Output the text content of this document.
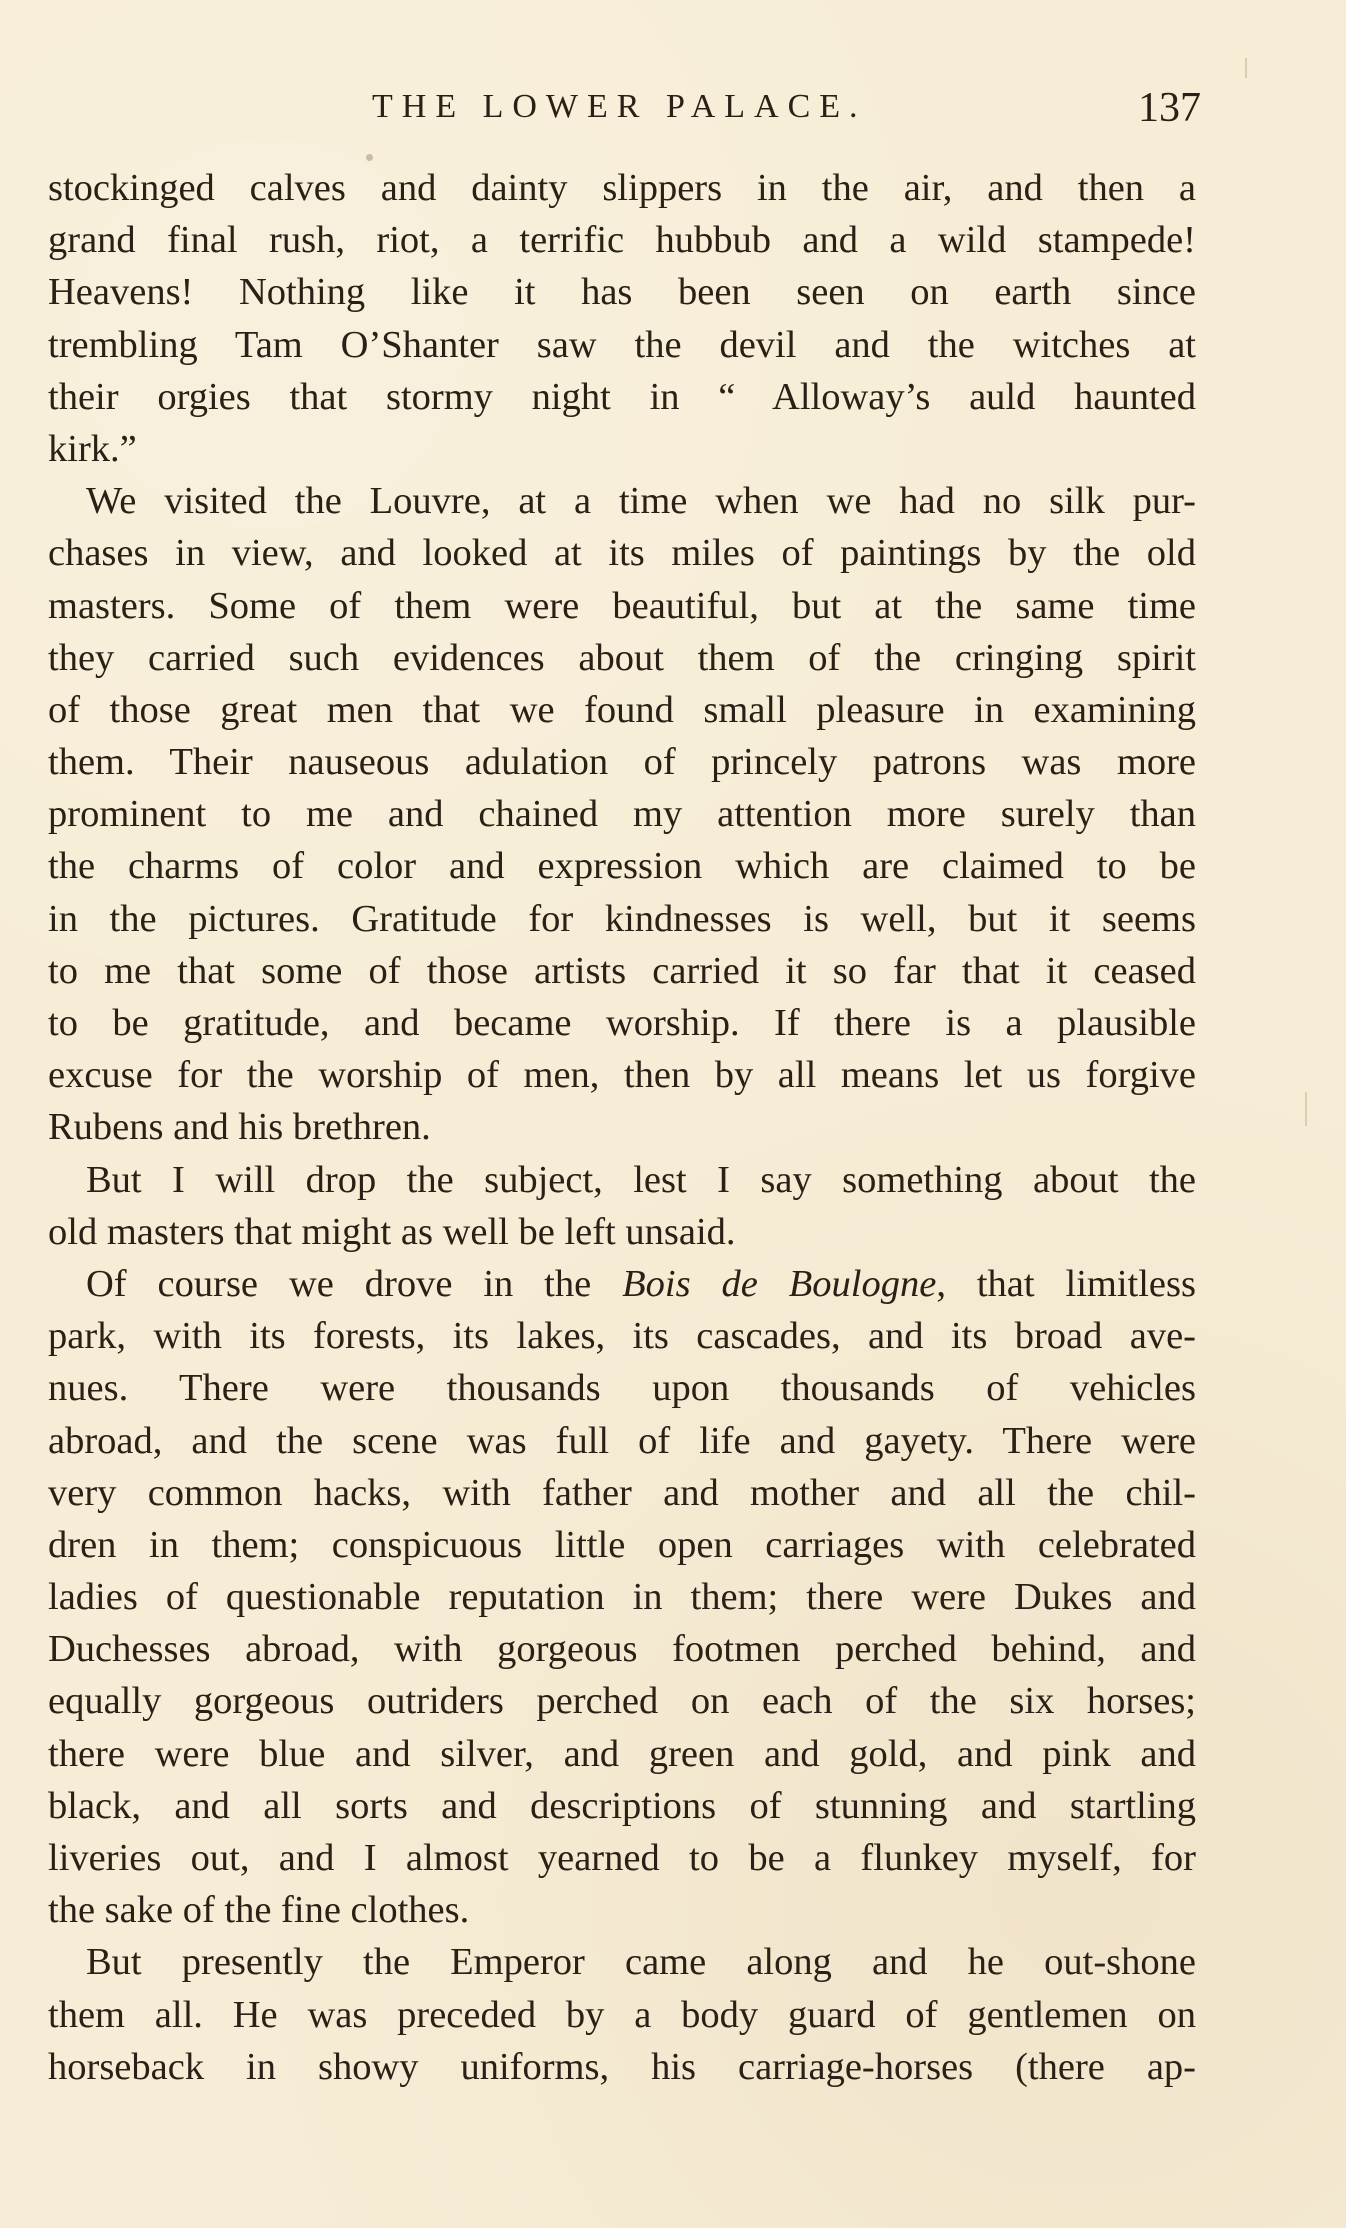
THE LOWER PALACE.	137
stockinged calves and dainty slippers in the air, and then a
grand final rush, riot, a terrific hubbub and a wild stampede!
Heavens! Nothing like it has been seen on earth since
trembling Tam O’Shanter saw the devil and the witches at
their orgies that stormy night in “ Alloway’s auld haunted
kirk.”
We visited the Louvre, at a time when we had no silk pur-
chases in view, and looked at its miles of paintings by the old
masters. Some of them were beautiful, but at the same time
they carried such evidences about them of the cringing spirit
of those great men that we found small pleasure in examining
them. Their nauseous adulation of princely patrons was more
prominent to me and chained my attention more surely than
the charms of color and expression which are claimed to be
in the pictures. Gratitude for kindnesses is well, but it seems
to me that some of those artists carried it so far that it ceased
to be gratitude, and became worship. If there is a plausible
excuse for the worship of men, then by all means let us forgive
Rubens and his brethren.
But I will drop the subject, lest I say something about the
old masters that might as well be left unsaid.
Of course we drove in the Bois de Boulogne, that limitless
park, with its forests, its lakes, its cascades, and its broad ave-
nues. There were thousands upon thousands of vehicles
abroad, and the scene was full of life and gayety. There were
very common hacks, with father and mother and all the chil-
dren in them; conspicuous little open carriages with celebrated
ladies of questionable reputation in them; there were Dukes and
Duchesses abroad, with gorgeous footmen perched behind, and
equally gorgeous outriders perched on each of the six horses;
there were blue and silver, and green and gold, and pink and
black, and all sorts and descriptions of stunning and startling
liveries out, and I almost yearned to be a flunkey myself, for
the sake of the fine clothes.
But presently the Emperor came along and he out-shone
them all. He was preceded by a body guard of gentlemen on
horseback in showy uniforms, his carriage-horses (there ap-
